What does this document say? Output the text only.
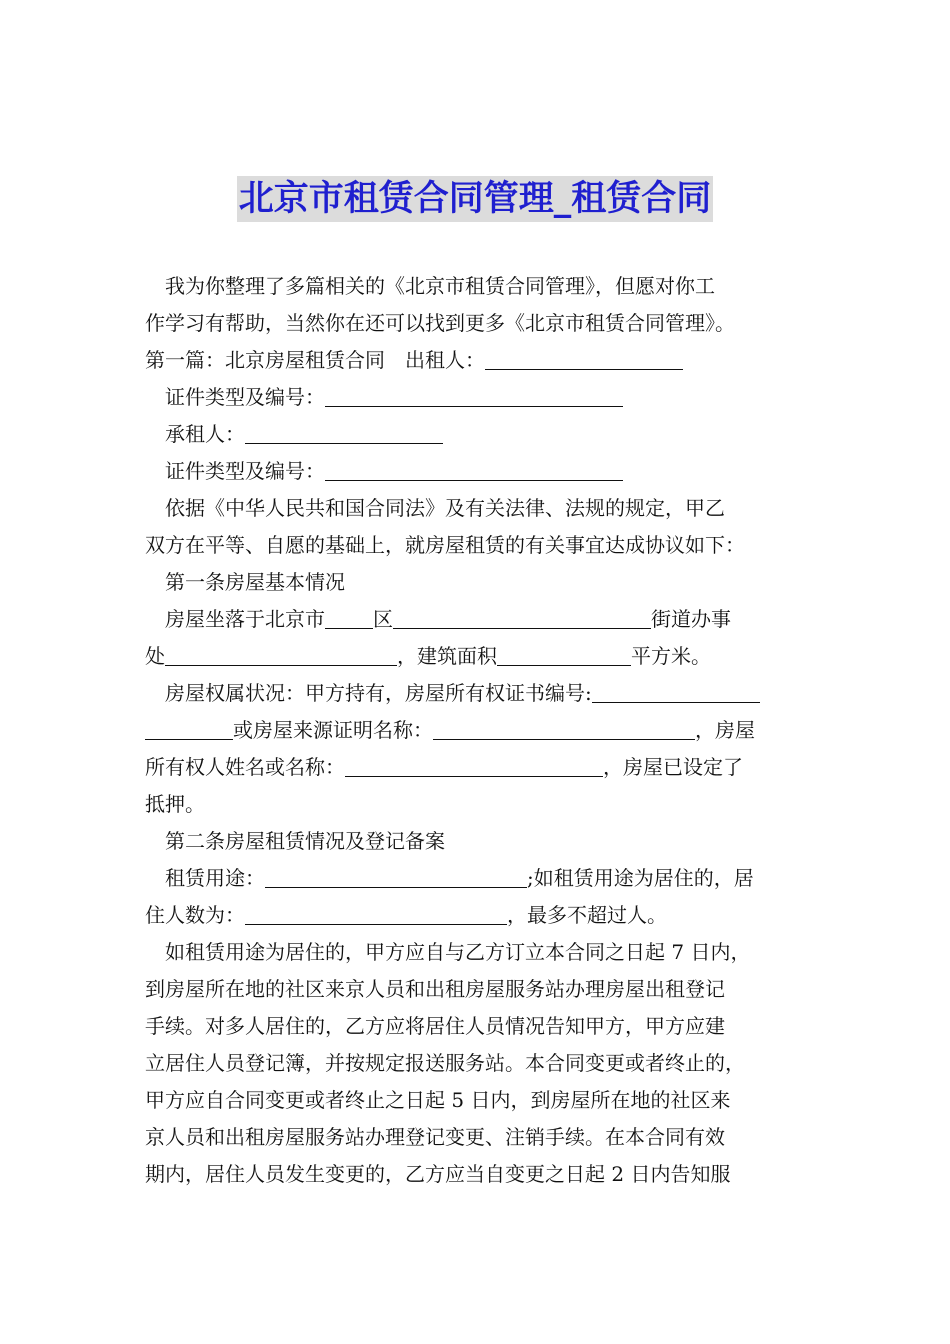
北京市租赁合同管理_租赁合同
我为你整理了多篇相关的《北京市租赁合同管理》，但愿对你工
作学习有帮助，当然你在还可以找到更多《北京市租赁合同管理》。
第一篇：北京房屋租赁合同　出租人：
证件类型及编号：
承租人：
证件类型及编号：
依据《中华人民共和国合同法》及有关法律、法规的规定，甲乙
双方在平等、自愿的基础上，就房屋租赁的有关事宜达成协议如下：
第一条房屋基本情况
房屋坐落于北京市 区	街道办事
处	，建筑面积	平方米。
房屋权属状况：甲方持有，房屋所有权证书编号:
或房屋来源证明名称：	，房屋
所有权人姓名或名称：	，房屋已设定了
抵押。
第二条房屋租赁情况及登记备案
租赁用途：	;如租赁用途为居住的，居
住人数为：	，最多不超过人。
如租赁用途为居住的，甲方应自与乙方订立本合同之日起 7 日内，
到房屋所在地的社区来京人员和出租房屋服务站办理房屋出租登记
手续。对多人居住的，乙方应将居住人员情况告知甲方，甲方应建
立居住人员登记簿，并按规定报送服务站。本合同变更或者终止的，
甲方应自合同变更或者终止之日起 5 日内，到房屋所在地的社区来
京人员和出租房屋服务站办理登记变更、注销手续。在本合同有效
期内，居住人员发生变更的，乙方应当自变更之日起 2 日内告知服
